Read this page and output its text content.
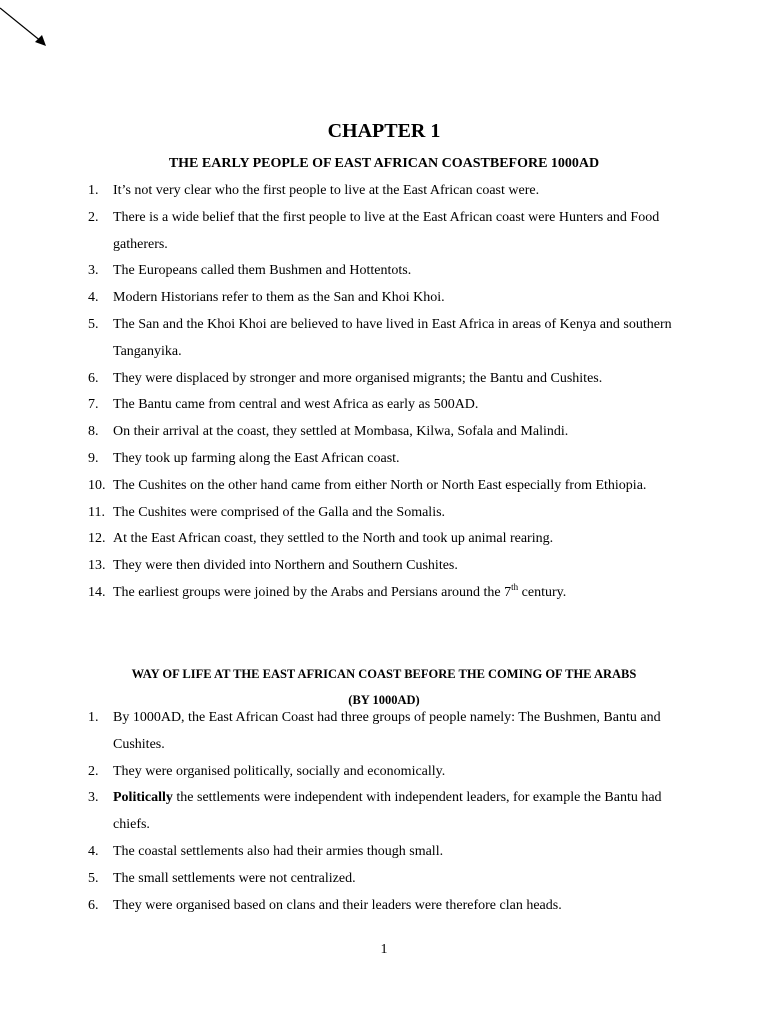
CHAPTER 1
THE EARLY PEOPLE OF EAST AFRICAN COASTBEFORE 1000AD
1. It’s not very clear who the first people to live at the East African coast were.
2. There is a wide belief that the first people to live at the East African coast were Hunters and Food gatherers.
3. The Europeans called them Bushmen and Hottentots.
4. Modern Historians refer to them as the San and Khoi Khoi.
5. The San and the Khoi Khoi are believed to have lived in East Africa in areas of Kenya and southern Tanganyika.
6. They were displaced by stronger and more organised migrants; the Bantu and Cushites.
7. The Bantu came from central and west Africa as early as 500AD.
8. On their arrival at the coast, they settled at Mombasa, Kilwa, Sofala and Malindi.
9. They took up farming along the East African coast.
10. The Cushites on the other hand came from either North or North East especially from Ethiopia.
11. The Cushites were comprised of the Galla and the Somalis.
12. At the East African coast, they settled to the North and took up animal rearing.
13. They were then divided into Northern and Southern Cushites.
14. The earliest groups were joined by the Arabs and Persians around the 7th century.
WAY OF LIFE AT THE EAST AFRICAN COAST BEFORE THE COMING OF THE ARABS
(BY 1000AD)
1. By 1000AD, the East African Coast had three groups of people namely: The Bushmen, Bantu and Cushites.
2. They were organised politically, socially and economically.
3. Politically the settlements were independent with independent leaders, for example the Bantu had chiefs.
4. The coastal settlements also had their armies though small.
5. The small settlements were not centralized.
6. They were organised based on clans and their leaders were therefore clan heads.
1
